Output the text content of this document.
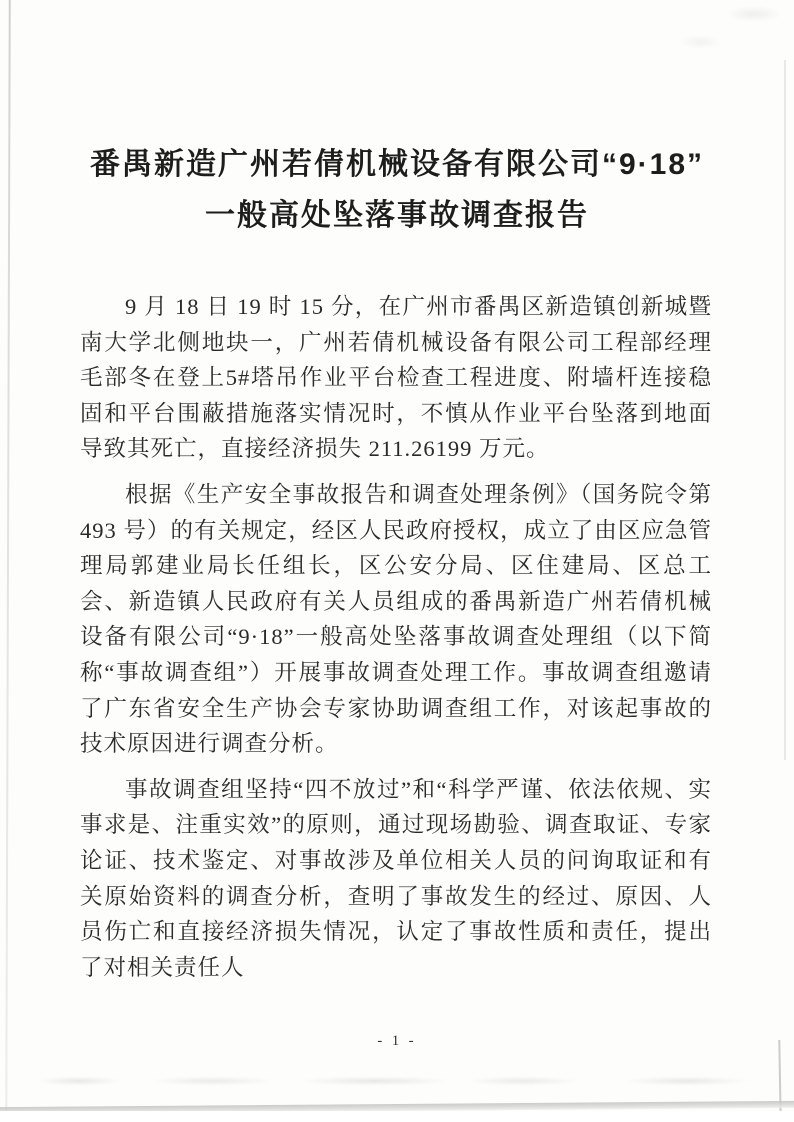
番禺新造广州若倩机械设备有限公司“9·18”
一般高处坠落事故调查报告

9 月 18 日 19 时 15 分，在广州市番禺区新造镇创新城暨南大学北侧地块一，广州若倩机械设备有限公司工程部经理毛部冬在登上5#塔吊作业平台检查工程进度、附墙杆连接稳固和平台围蔽措施落实情况时，不慎从作业平台坠落到地面导致其死亡，直接经济损失 211.26199 万元。

根据《生产安全事故报告和调查处理条例》（国务院令第 493 号）的有关规定，经区人民政府授权，成立了由区应急管理局郭建业局长任组长，区公安分局、区住建局、区总工会、新造镇人民政府有关人员组成的番禺新造广州若倩机械设备有限公司“9·18”一般高处坠落事故调查处理组（以下简称“事故调查组”）开展事故调查处理工作。事故调查组邀请了广东省安全生产协会专家协助调查组工作，对该起事故的技术原因进行调查分析。

事故调查组坚持“四不放过”和“科学严谨、依法依规、实事求是、注重实效”的原则，通过现场勘验、调查取证、专家论证、技术鉴定、对事故涉及单位相关人员的问询取证和有关原始资料的调查分析，查明了事故发生的经过、原因、人员伤亡和直接经济损失情况，认定了事故性质和责任，提出了对相关责任人

- 1 -
